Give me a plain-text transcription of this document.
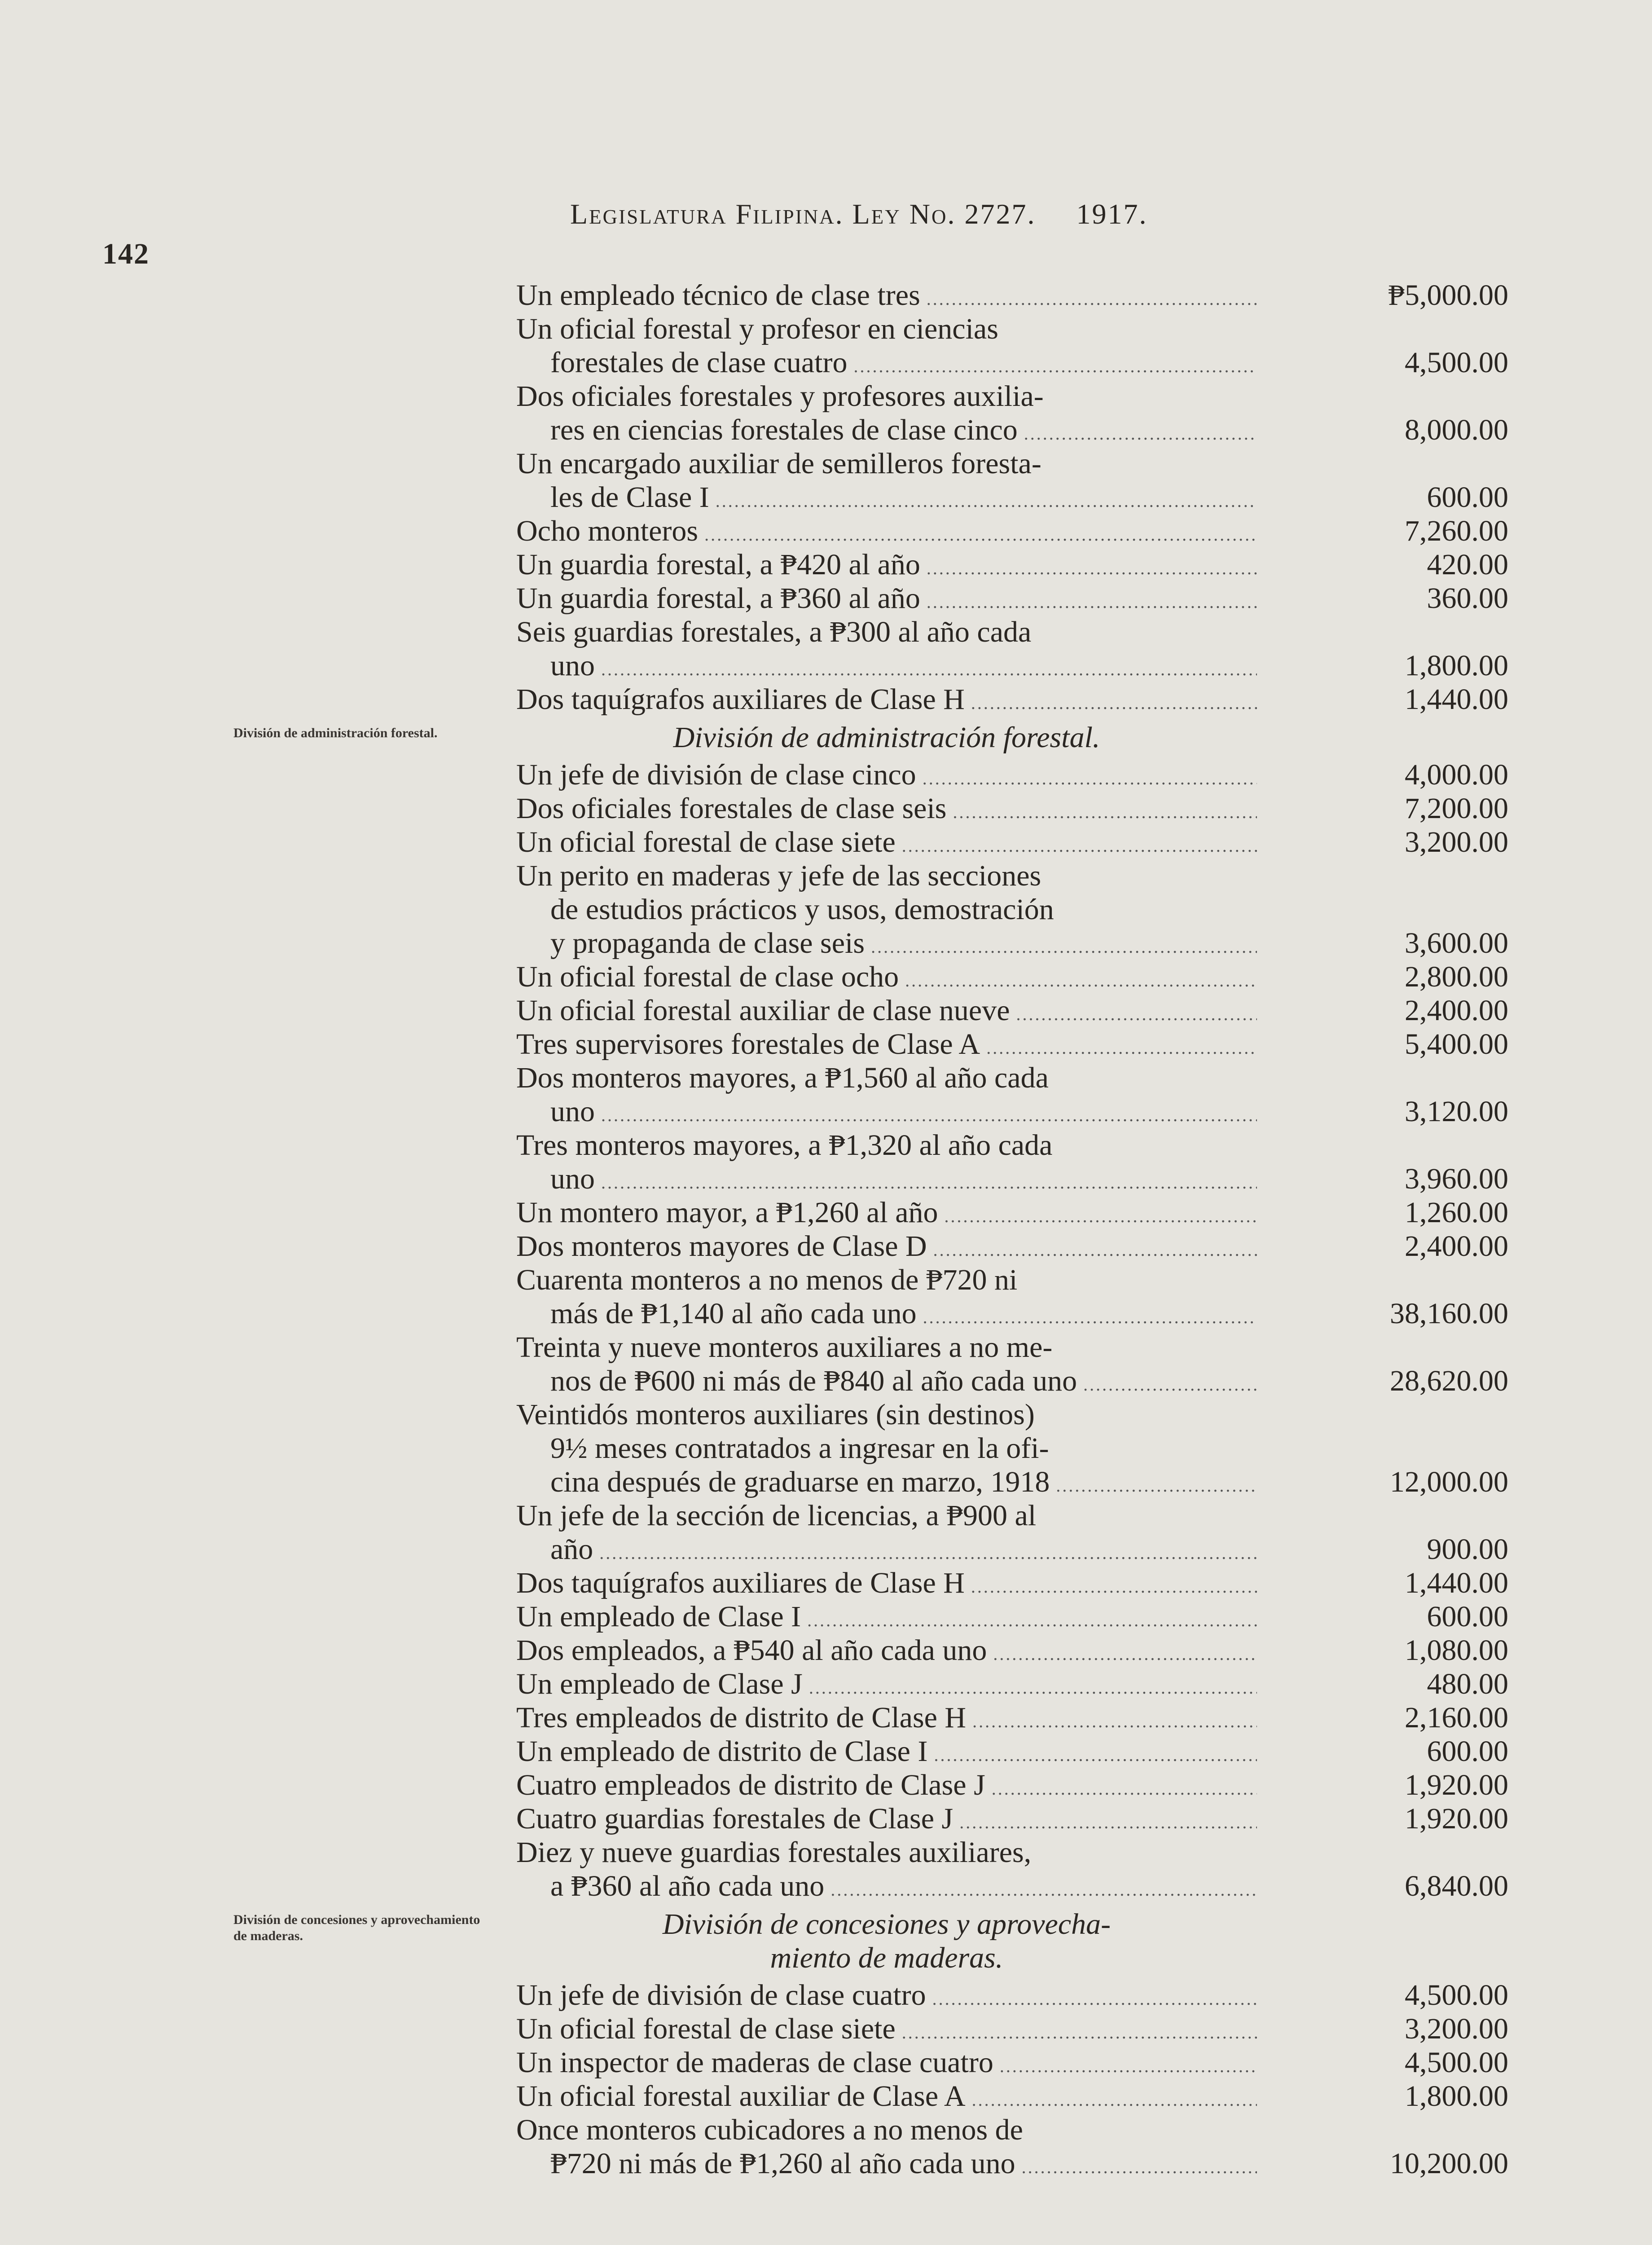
142
Legislatura Filipina. Ley No. 2727. 1917.
División de administración forestal.
División de concesiones y aprovechamiento de maderas.
Un empleado técnico de clase tres .....	₱5,000.00
Un oficial forestal y profesor en ciencias
forestales de clase cuatro .....	4,500.00
Dos oficiales forestales y profesores auxilia-
res en ciencias forestales de clase cinco .....	8,000.00
Un encargado auxiliar de semilleros foresta-
les de Clase I .....	600.00
Ocho monteros .....	7,260.00
Un guardia forestal, a ₱420 al año .....	420.00
Un guardia forestal, a ₱360 al año .....	360.00
Seis guardias forestales, a ₱300 al año cada
uno .....	1,800.00
Dos taquígrafos auxiliares de Clase H .....	1,440.00
División de administración forestal.
Un jefe de división de clase cinco .....	4,000.00
Dos oficiales forestales de clase seis .....	7,200.00
Un oficial forestal de clase siete .....	3,200.00
Un perito en maderas y jefe de las secciones
de estudios prácticos y usos, demostración
y propaganda de clase seis .....	3,600.00
Un oficial forestal de clase ocho .....	2,800.00
Un oficial forestal auxiliar de clase nueve .....	2,400.00
Tres supervisores forestales de Clase A .....	5,400.00
Dos monteros mayores, a ₱1,560 al año cada
uno .....	3,120.00
Tres monteros mayores, a ₱1,320 al año cada
uno .....	3,960.00
Un montero mayor, a ₱1,260 al año .....	1,260.00
Dos monteros mayores de Clase D .....	2,400.00
Cuarenta monteros a no menos de ₱720 ni
más de ₱1,140 al año cada uno .....	38,160.00
Treinta y nueve monteros auxiliares a no me-
nos de ₱600 ni más de ₱840 al año cada uno .....	28,620.00
Veintidós monteros auxiliares (sin destinos)
9½ meses contratados a ingresar en la ofi-
cina después de graduarse en marzo, 1918 .....	12,000.00
Un jefe de la sección de licencias, a ₱900 al
año .....	900.00
Dos taquígrafos auxiliares de Clase H .....	1,440.00
Un empleado de Clase I .....	600.00
Dos empleados, a ₱540 al año cada uno .....	1,080.00
Un empleado de Clase J .....	480.00
Tres empleados de distrito de Clase H .....	2,160.00
Un empleado de distrito de Clase I .....	600.00
Cuatro empleados de distrito de Clase J .....	1,920.00
Cuatro guardias forestales de Clase J .....	1,920.00
Diez y nueve guardias forestales auxiliares,
a ₱360 al año cada uno .....	6,840.00
División de concesiones y aprovecha-
miento de maderas.
Un jefe de división de clase cuatro .....	4,500.00
Un oficial forestal de clase siete .....	3,200.00
Un inspector de maderas de clase cuatro .....	4,500.00
Un oficial forestal auxiliar de Clase A .....	1,800.00
Once monteros cubicadores a no menos de
₱720 ni más de ₱1,260 al año cada uno .....	10,200.00
